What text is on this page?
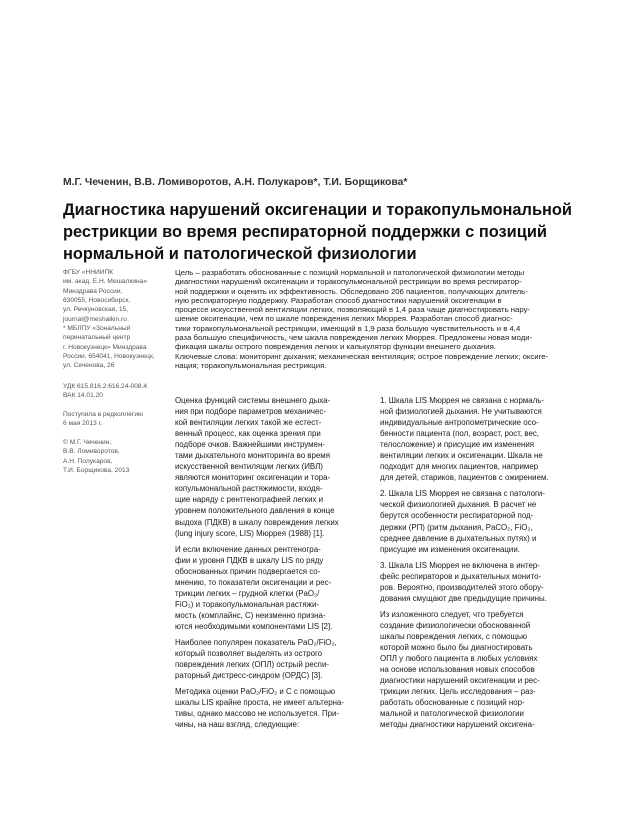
М.Г. Чеченин, В.В. Ломиворотов, А.Н. Полукаров*, Т.И. Борщикова*
Диагностика нарушений оксигенации и торакопульмональной
рестрикции во время респираторной поддержки с позиций
нормальной и патологической физиологии
ФГБУ «ННИИПК
им. акад. Е.Н. Мешалкина»
Минздрава России,
630055, Новосибирск,
ул. Речкуновская, 15,
journal@meshalkin.ru
* МБЛПУ «Зональный
перинатальный центр
г. Новокузнецк» Минздрава
России, 654041, Новокузнецк,
ул. Сеченова, 26
УДК 615.816.2:616.24-008.4
ВАК 14.01.20
Поступила в редколлегию
6 мая 2013 г.
© М.Г. Чеченин,
В.В. Ломиворотов,
А.Н. Полукаров,
Т.И. Борщикова, 2013
Цель – разработать обоснованные с позиций нормальной и патологической физиологии методы
диагностики нарушений оксигенации и торакопульмональной рестрикции во время респиратор-
ной поддержки и оценить их эффективность. Обследовано 206 пациентов, получающих длитель-
ную респираторную поддержку. Разработан способ диагностики нарушений оксигенации в
процессе искусственной вентиляции легких, позволяющий в 1,4 раза чаще диагностировать нару-
шение оксигенации, чем по шкале повреждения легких Мюррея. Разработан способ диагнос-
тики торакопульмональной рестрикции, имеющий в 1,9 раза большую чувствительность и в 4,4
раза большую специфичность, чем шкала повреждения легких Мюррея. Предложены новая моди-
фикация шкалы острого повреждения легких и калькулятор функции внешнего дыхания.
Ключевые слова: мониторинг дыхания; механическая вентиляция; острое повреждение легких; оксиге-
нация; торакопульмональная рестрикция.

Оценка функций системы внешнего дыха-
ния при подборе параметров механичес-
кой вентиляции легких такой же естест-
венный процесс, как оценка зрения при
подборе очков. Важнейшими инструмен-
тами дыхательного мониторинга во время
искусственной вентиляции легких (ИВЛ)
являются мониторинг оксигенации и тора-
копульмональной растяжимости, входя-
щие наряду с рентгенографией легких и
уровнем положительного давления в конце
выдоха (ПДКВ) в шкалу повреждения легких
(lung injury score, LIS) Мюррея (1988) [1].

И если включение данных рентгеногра-
фии и уровня ПДКВ в шкалу LIS по ряду
обоснованных причин подвергается со-
мнению, то показатели оксигенации и рес-
трикции легких – грудной клетки (PaO₂/
FiO₂) и торакопульмональная растяжи-
мость (комплайнс, С) неизменно призна-
ются необходимыми компонентами LIS [2].

Наиболее популярен показатель PaO₂/FiO₂,
который позволяет выделять из острого
повреждения легких (ОПЛ) острый респи-
раторный дистресс-синдром (ОРДС) [3].

Методика оценки PaO₂/FiO₂ и С с помощью
шкалы LIS крайне проста, не имеет альтерна-
тивы, однако массово не используется. При-
чины, на наш взгляд, следующие:

1. Шкала LIS Мюррея не связана с нормаль-
ной физиологией дыхания. Не учитываются
индивидуальные антропометрические осо-
бенности пациента (пол, возраст, рост, вес,
телосложение) и присущие им изменения
вентиляции легких и оксигенации. Шкала не
подходит для многих пациентов, например
для детей, стариков, пациентов с ожирением.

2. Шкала LIS Мюррея не связана с патологи-
ческой физиологией дыхания. В расчет не
берутся особенности респираторной под-
держки (РП) (ритм дыхания, PaCO₂, FiO₂,
среднее давление в дыхательных путях) и
присущие им изменения оксигенации.

3. Шкала LIS Мюррея не включена в интер-
фейс респираторов и дыхательных монито-
ров. Вероятно, производителей этого обору-
дования смущают две предыдущие причины.

Из изложенного следует, что требуется
создание физиологически обоснованной
шкалы повреждения легких, с помощью
которой можно было бы диагностировать
ОПЛ у любого пациента в любых условиях
на основе использования новых способов
диагностики нарушений оксигенации и рес-
трикции легких. Цель исследования – раз-
работать обоснованные с позиций нор-
мальной и патологической физиологии
методы диагностики нарушений оксигена-
